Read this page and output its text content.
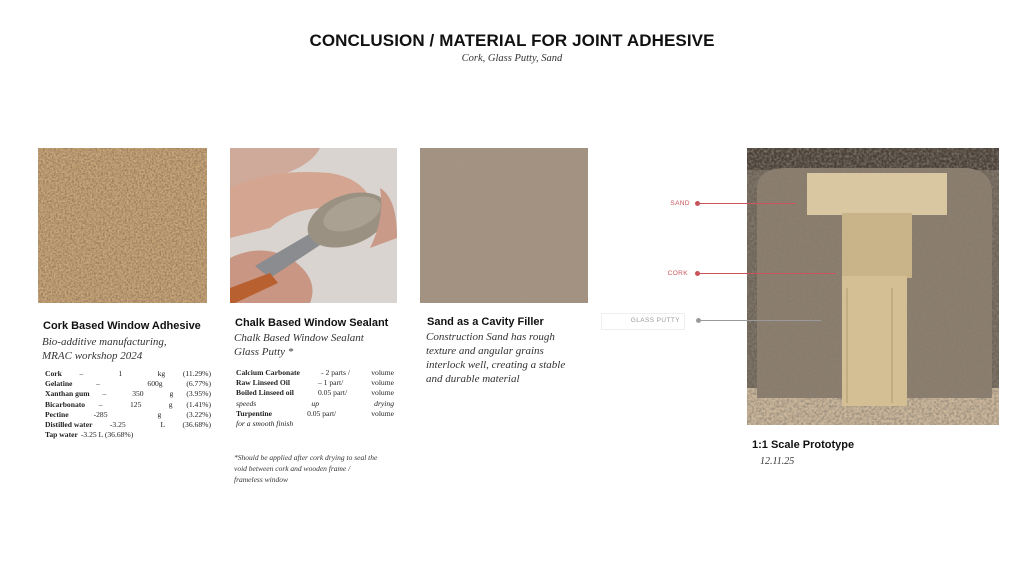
CONCLUSION / MATERIAL FOR JOINT ADHESIVE
Cork, Glass Putty, Sand
SAND
CORK
GLASS PUTTY
Cork Based Window Adhesive
Bio-additive manufacturing,
MRAC workshop 2024
Cork –	1	kg (11.29%)
Gelatine	–	600g	(6.77%)
Xanthan gum –	350	g (3.95%)
Bicarbonato –	125	g (1.41%)
Pectine	-285	g	(3.22%)
Distilled water -3.25	L (36.68%)
Tap water -3.25 L (36.68%)
Chalk Based Window Sealant
Chalk Based Window Sealant
Glass Putty *
Calcium Carbonate	- 2 parts /	volume
Raw Linseed Oil	– 1 part/	volume
Boiled Linseed oil	0.05 part/	volume
speeds	up	drying
Turpentine	0.05 part/	volume
for a smooth finish
*Should be applied after cork drying to seal the
void between cork and wooden frame /
frameless window
Sand as a Cavity Filler
Construction Sand has rough
texture and angular grains
interlock well, creating a stable
and durable material
1:1 Scale Prototype
12.11.25
